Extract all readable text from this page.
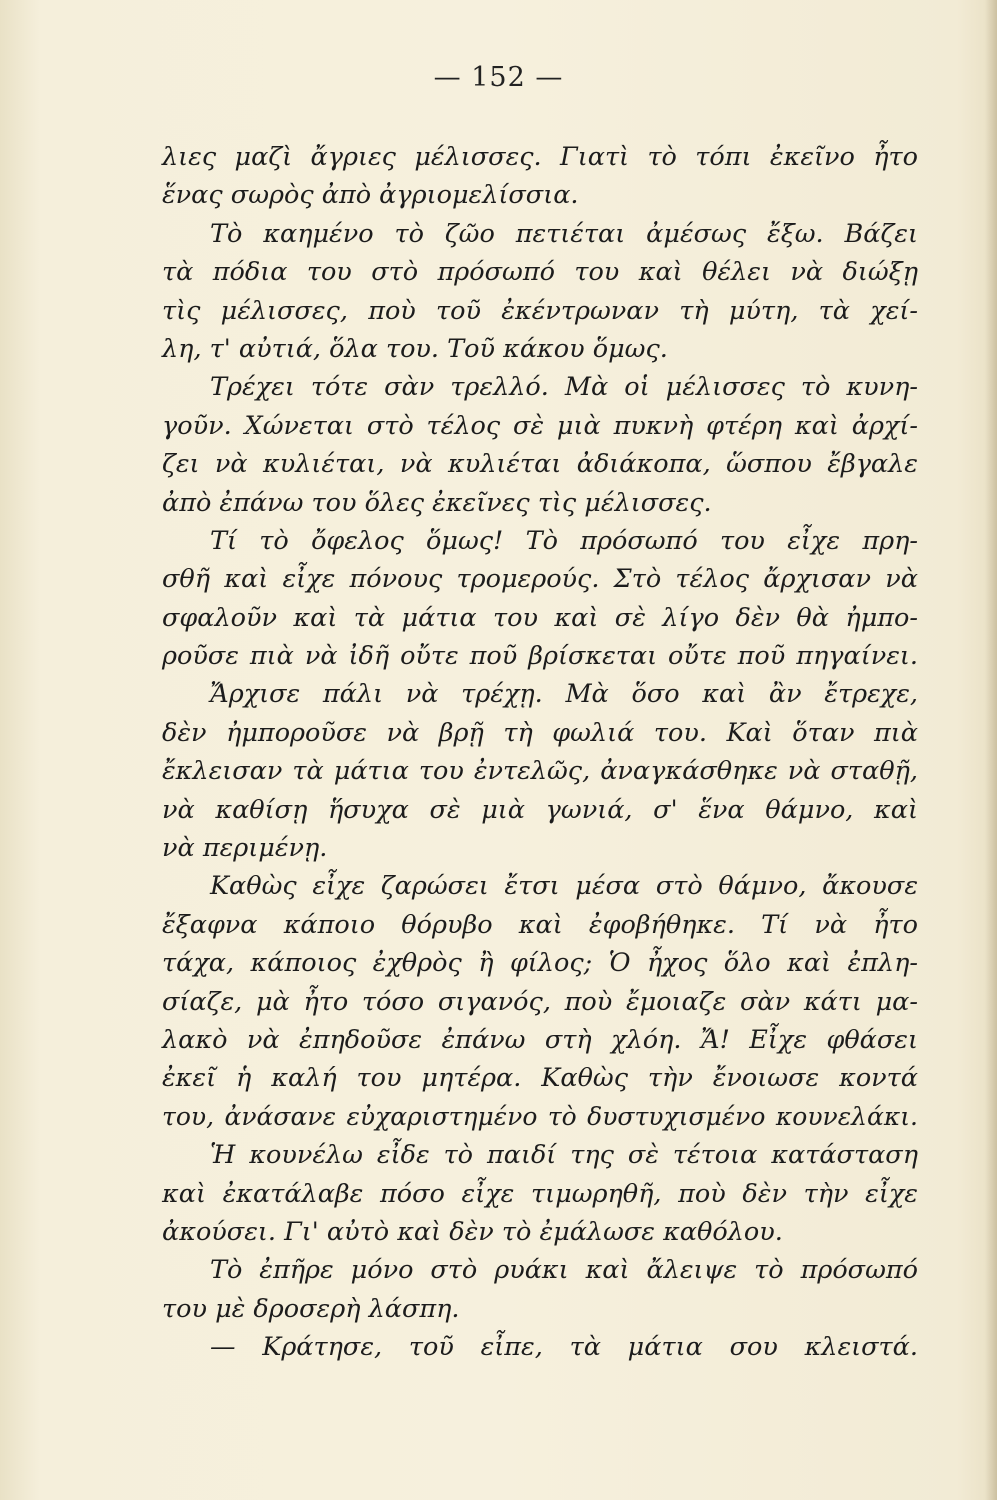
— 152 —
λιες μαζὶ ἄγριες μέλισσες. Γιατὶ τὸ τόπι ἐκεῖνο ἦτο
ἕνας σωρὸς ἀπὸ ἀγριομελίσσια.
Τὸ καημένο τὸ ζῶο πετιέται ἀμέσως ἔξω. Βάζει
τὰ πόδια του στὸ πρόσωπό του καὶ θέλει νὰ διώξῃ
τὶς μέλισσες, ποὺ τοῦ ἐκέντρωναν τὴ μύτη, τὰ χεί-
λη, τ' αὐτιά, ὅλα του. Τοῦ κάκου ὅμως.
Τρέχει τότε σὰν τρελλό. Μὰ οἱ μέλισσες τὸ κυνη-
γοῦν. Χώνεται στὸ τέλος σὲ μιὰ πυκνὴ φτέρη καὶ ἀρχί-
ζει νὰ κυλιέται, νὰ κυλιέται ἀδιάκοπα, ὥσπου ἔβγαλε
ἀπὸ ἐπάνω του ὅλες ἐκεῖνες τὶς μέλισσες.
Τί τὸ ὄφελος ὅμως! Τὸ πρόσωπό του εἶχε πρη-
σθῆ καὶ εἶχε πόνους τρομερούς. Στὸ τέλος ἄρχισαν νὰ
σφαλοῦν καὶ τὰ μάτια του καὶ σὲ λίγο δὲν θὰ ἠμπο-
ροῦσε πιὰ νὰ ἰδῆ οὔτε ποῦ βρίσκεται οὔτε ποῦ πηγαίνει.
Ἄρχισε πάλι νὰ τρέχῃ. Μὰ ὅσο καὶ ἂν ἔτρεχε,
δὲν ἠμποροῦσε νὰ βρῇ τὴ φωλιά του. Καὶ ὅταν πιὰ
ἔκλεισαν τὰ μάτια του ἐντελῶς, ἀναγκάσθηκε νὰ σταθῇ,
νὰ καθίσῃ ἥσυχα σὲ μιὰ γωνιά, σ' ἕνα θάμνο, καὶ
νὰ περιμένῃ.
Καθὼς εἶχε ζαρώσει ἔτσι μέσα στὸ θάμνο, ἄκουσε
ἔξαφνα κάποιο θόρυβο καὶ ἐφοβήθηκε. Τί νὰ ἦτο
τάχα, κάποιος ἐχθρὸς ἢ φίλος; Ὁ ἦχος ὅλο καὶ ἐπλη-
σίαζε, μὰ ἦτο τόσο σιγανός, ποὺ ἔμοιαζε σὰν κάτι μα-
λακὸ νὰ ἐπηδοῦσε ἐπάνω στὴ χλόη. Ἄ! Εἶχε φθάσει
ἐκεῖ ἡ καλή του μητέρα. Καθὼς τὴν ἔνοιωσε κοντά
του, ἀνάσανε εὐχαριστημένο τὸ δυστυχισμένο κουνελάκι.
Ἡ κουνέλω εἶδε τὸ παιδί της σὲ τέτοια κατάσταση
καὶ ἐκατάλαβε πόσο εἶχε τιμωρηθῆ, ποὺ δὲν τὴν εἶχε
ἀκούσει. Γι' αὐτὸ καὶ δὲν τὸ ἐμάλωσε καθόλου.
Τὸ ἐπῆρε μόνο στὸ ρυάκι καὶ ἄλειψε τὸ πρόσωπό
του μὲ δροσερὴ λάσπη.
— Κράτησε, τοῦ εἶπε, τὰ μάτια σου κλειστά.
